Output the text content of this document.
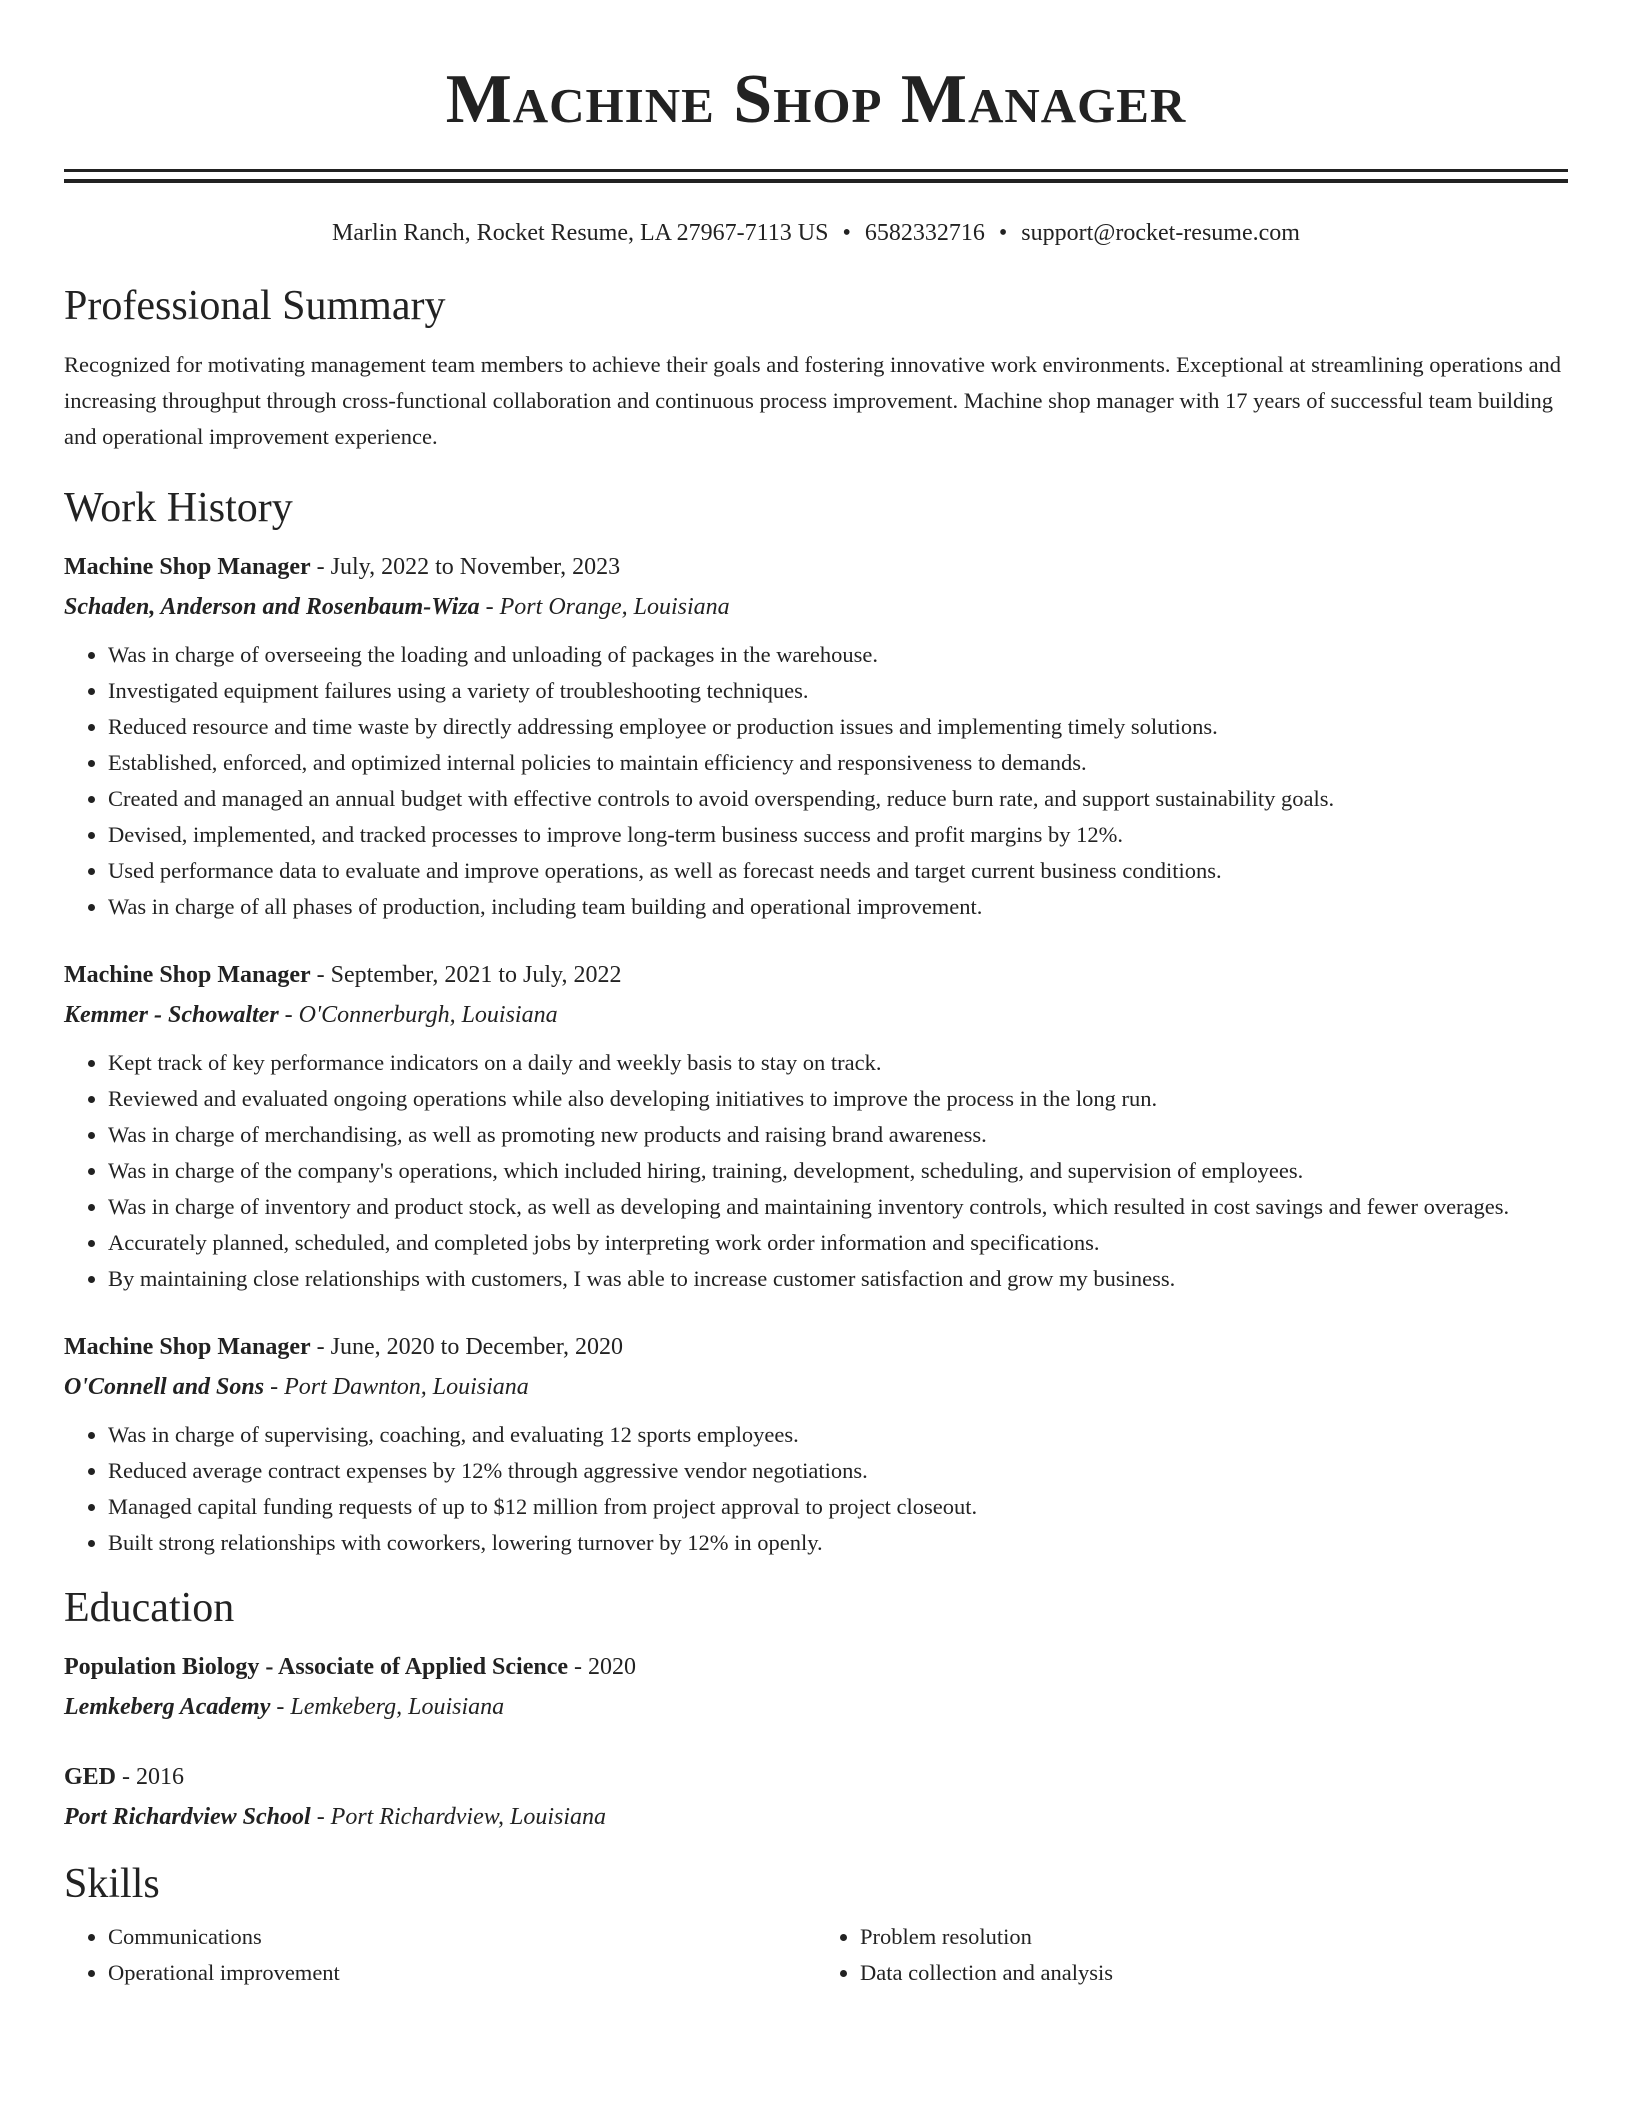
Machine Shop Manager
Marlin Ranch, Rocket Resume, LA 27967-7113 US • 6582332716 • support@rocket-resume.com
Professional Summary
Recognized for motivating management team members to achieve their goals and fostering innovative work environments. Exceptional at streamlining operations and increasing throughput through cross-functional collaboration and continuous process improvement. Machine shop manager with 17 years of successful team building and operational improvement experience.
Work History
Machine Shop Manager - July, 2022 to November, 2023
Schaden, Anderson and Rosenbaum-Wiza - Port Orange, Louisiana
• Was in charge of overseeing the loading and unloading of packages in the warehouse.
• Investigated equipment failures using a variety of troubleshooting techniques.
• Reduced resource and time waste by directly addressing employee or production issues and implementing timely solutions.
• Established, enforced, and optimized internal policies to maintain efficiency and responsiveness to demands.
• Created and managed an annual budget with effective controls to avoid overspending, reduce burn rate, and support sustainability goals.
• Devised, implemented, and tracked processes to improve long-term business success and profit margins by 12%.
• Used performance data to evaluate and improve operations, as well as forecast needs and target current business conditions.
• Was in charge of all phases of production, including team building and operational improvement.
Machine Shop Manager - September, 2021 to July, 2022
Kemmer - Schowalter - O'Connerburgh, Louisiana
• Kept track of key performance indicators on a daily and weekly basis to stay on track.
• Reviewed and evaluated ongoing operations while also developing initiatives to improve the process in the long run.
• Was in charge of merchandising, as well as promoting new products and raising brand awareness.
• Was in charge of the company's operations, which included hiring, training, development, scheduling, and supervision of employees.
• Was in charge of inventory and product stock, as well as developing and maintaining inventory controls, which resulted in cost savings and fewer overages.
• Accurately planned, scheduled, and completed jobs by interpreting work order information and specifications.
• By maintaining close relationships with customers, I was able to increase customer satisfaction and grow my business.
Machine Shop Manager - June, 2020 to December, 2020
O'Connell and Sons - Port Dawnton, Louisiana
• Was in charge of supervising, coaching, and evaluating 12 sports employees.
• Reduced average contract expenses by 12% through aggressive vendor negotiations.
• Managed capital funding requests of up to $12 million from project approval to project closeout.
• Built strong relationships with coworkers, lowering turnover by 12% in openly.
Education
Population Biology - Associate of Applied Science - 2020
Lemkeberg Academy - Lemkeberg, Louisiana
GED - 2016
Port Richardview School - Port Richardview, Louisiana
Skills
• Communications
• Operational improvement
• Problem resolution
• Data collection and analysis
